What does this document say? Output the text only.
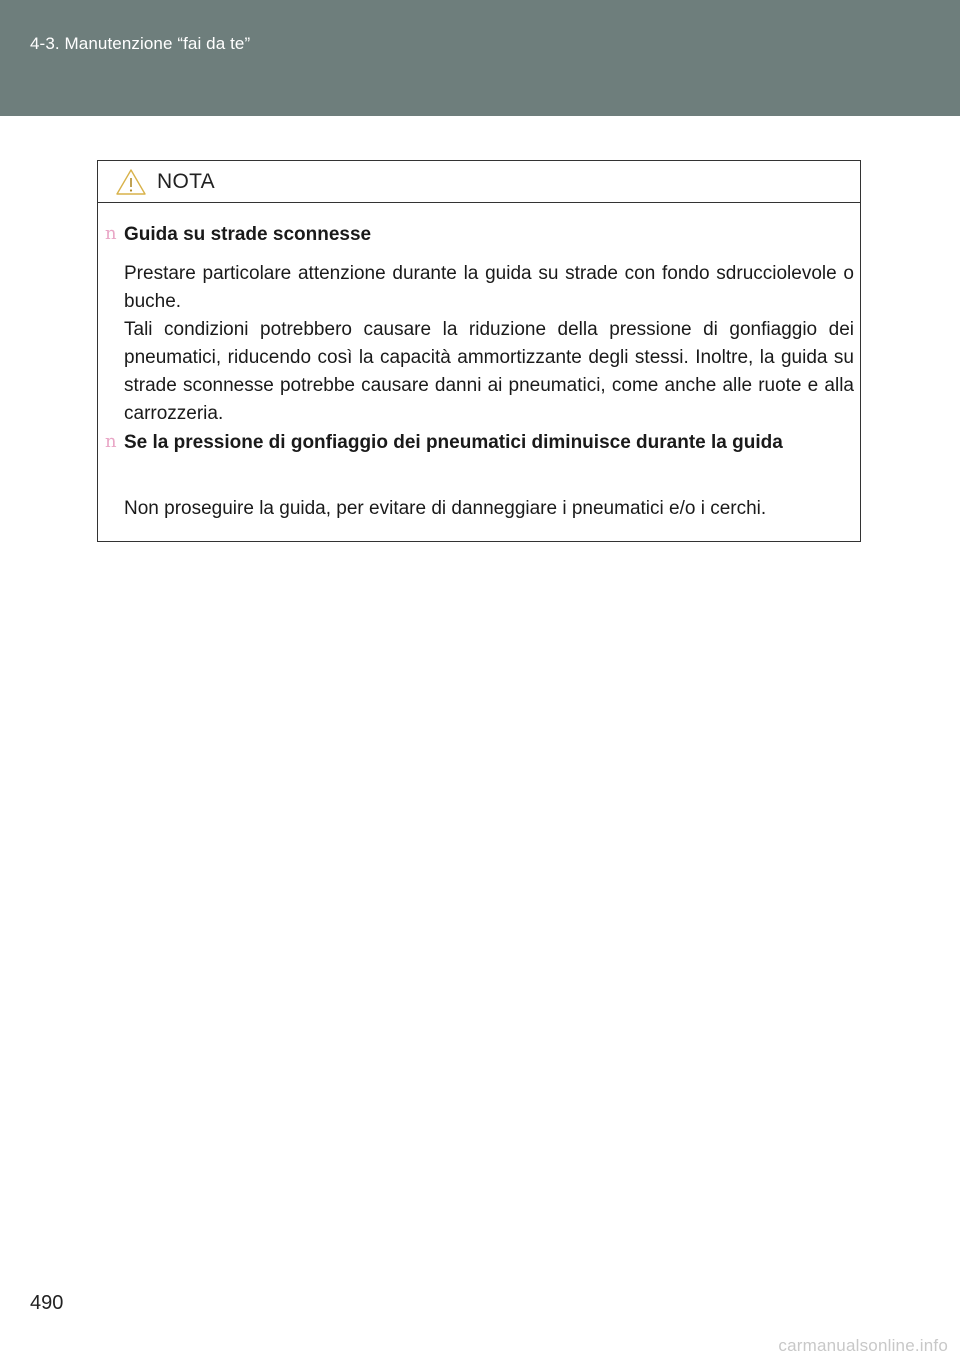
4-3. Manutenzione “fai da te”
NOTA
n Guida su strade sconnesse

Prestare particolare attenzione durante la guida su strade con fondo sdrucciolevole o buche.

Tali condizioni potrebbero causare la riduzione della pressione di gonfiaggio dei pneumatici, riducendo così la capacità ammortizzante degli stessi. Inoltre, la guida su strade sconnesse potrebbe causare danni ai pneumatici, come anche alle ruote e alla carrozzeria.

n Se la pressione di gonfiaggio dei pneumatici diminuisce durante la guida

Non proseguire la guida, per evitare di danneggiare i pneumatici e/o i cerchi.

490
carmanualsonline.info
